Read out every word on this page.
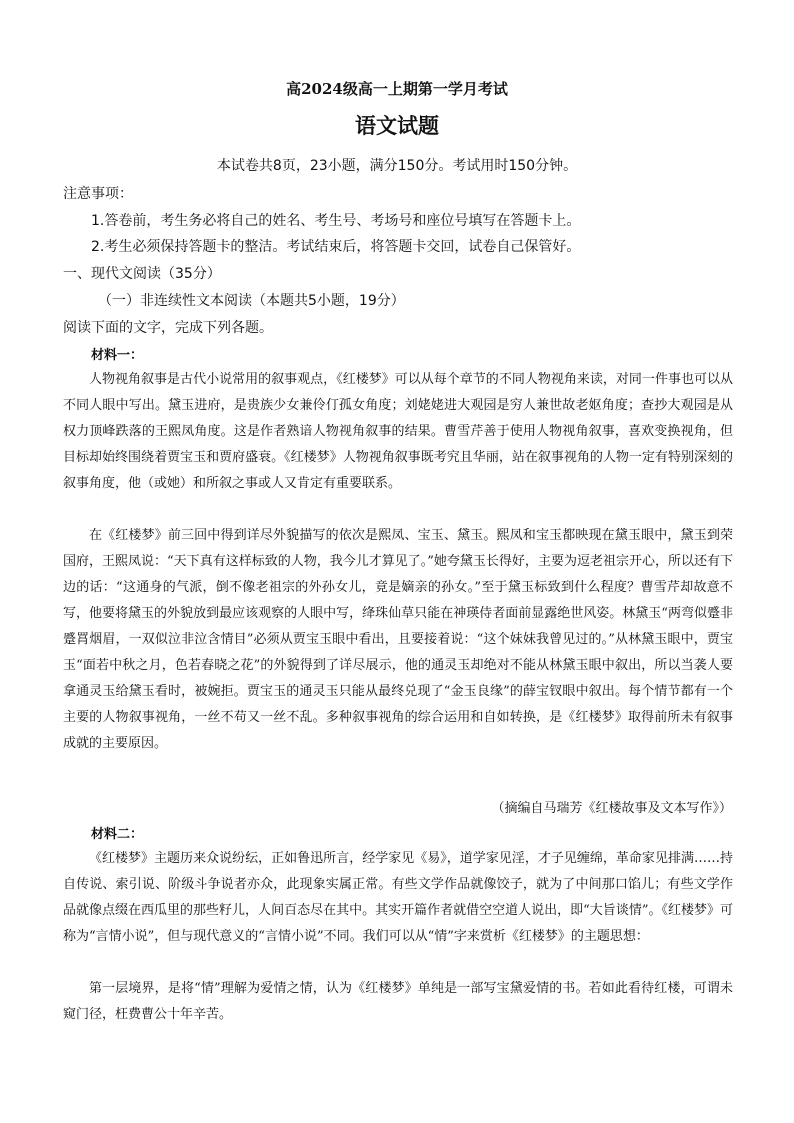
高2024级高一上期第一学月考试
语文试题
本试卷共8页，23小题，满分150分。考试用时150分钟。
注意事项：
1.答卷前，考生务必将自己的姓名、考生号、考场号和座位号填写在答题卡上。
2.考生必须保持答题卡的整洁。考试结束后，将答题卡交回，试卷自己保管好。
一、现代文阅读（35分）
（一）非连续性文本阅读（本题共5小题，19分）
阅读下面的文字，完成下列各题。
材料一：
人物视角叙事是古代小说常用的叙事观点，《红楼梦》可以从每个章节的不同人物视角来读，对同一件事也可以从不同人眼中写出。黛玉进府，是贵族少女兼伶仃孤女角度；刘姥姥进大观园是穷人兼世故老妪角度；查抄大观园是从权力顶峰跌落的王熙凤角度。这是作者熟谙人物视角叙事的结果。曹雪芹善于使用人物视角叙事，喜欢变换视角，但目标却始终围绕着贾宝玉和贾府盛衰。《红楼梦》人物视角叙事既考究且华丽，站在叙事视角的人物一定有特别深刻的叙事角度，他（或她）和所叙之事或人又肯定有重要联系。
在《红楼梦》前三回中得到详尽外貌描写的依次是熙凤、宝玉、黛玉。熙凤和宝玉都映现在黛玉眼中，黛玉到荣国府，王熙凤说：“天下真有这样标致的人物，我今儿才算见了。”她夸黛玉长得好，主要为逗老祖宗开心，所以还有下边的话：“这通身的气派，倒不像老祖宗的外孙女儿，竟是嫡亲的孙女。”至于黛玉标致到什么程度？曹雪芹却故意不写，他要将黛玉的外貌放到最应该观察的人眼中写，绛珠仙草只能在神瑛侍者面前显露绝世风姿。林黛玉“两弯似蹙非蹙罥烟眉，一双似泣非泣含情目”必须从贾宝玉眼中看出，且要接着说：“这个妹妹我曾见过的。”从林黛玉眼中，贾宝玉“面若中秋之月，色若春晓之花”的外貌得到了详尽展示，他的通灵玉却绝对不能从林黛玉眼中叙出，所以当袭人要拿通灵玉给黛玉看时，被婉拒。贾宝玉的通灵玉只能从最终兑现了“金玉良缘”的薛宝钗眼中叙出。每个情节都有一个主要的人物叙事视角，一丝不苟又一丝不乱。多种叙事视角的综合运用和自如转换，是《红楼梦》取得前所未有叙事成就的主要原因。
（摘编自马瑞芳《红楼故事及文本写作》）
材料二：
《红楼梦》主题历来众说纷纭，正如鲁迅所言，经学家见《易》，道学家见淫，才子见缠绵，革命家见排满……持自传说、索引说、阶级斗争说者亦众，此现象实属正常。有些文学作品就像饺子，就为了中间那口馅儿；有些文学作品就像点缀在西瓜里的那些籽儿，人间百态尽在其中。其实开篇作者就借空空道人说出，即“大旨谈情”。《红楼梦》可称为“言情小说”，但与现代意义的“言情小说”不同。我们可以从“情”字来赏析《红楼梦》的主题思想：
第一层境界，是将“情”理解为爱情之情，认为《红楼梦》单纯是一部写宝黛爱情的书。若如此看待红楼，可谓未窥门径，枉费曹公十年辛苦。
